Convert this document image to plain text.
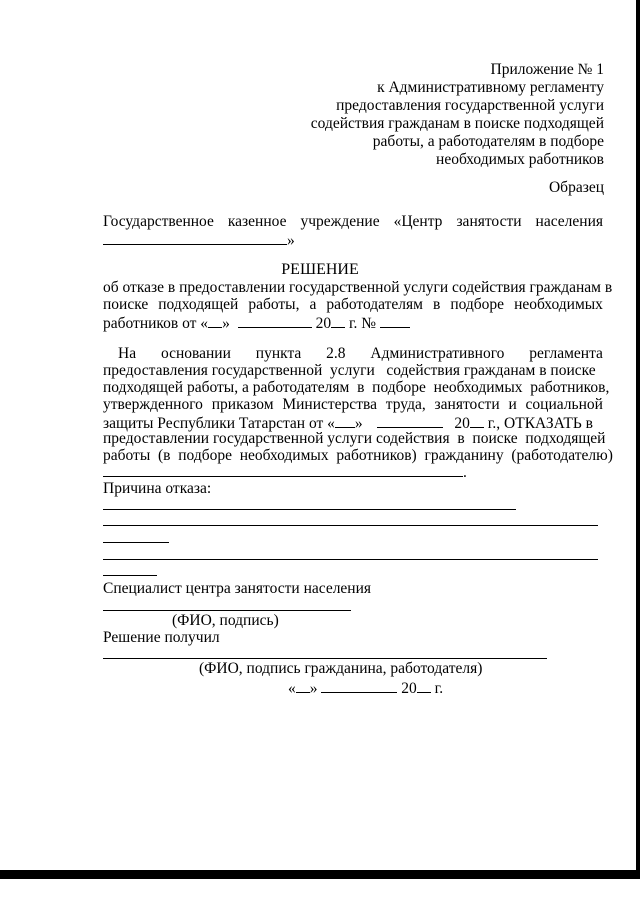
Приложение № 1
к Административному регламенту
предоставления государственной услуги
содействия гражданам в поиске подходящей
работы, а работодателям в подборе
необходимых работников
Образец
Государственное казенное учреждение «Центр занятости населения
»
РЕШЕНИЕ
об отказе в предоставлении государственной услуги содействия гражданам в
поиске подходящей работы, а работодателям в подборе необходимых
работников от « »	20 г. №
На основании пункта 2.8 Административного регламента
предоставления государственной  услуги   содействия гражданам в поиске
подходящей работы, а работодателям  в  подборе  необходимых  работников,
утвержденного приказом Министерства труда, занятости и социальной
защиты Республики Татарстан от « »	20 г., ОТКАЗАТЬ в
предоставлении государственной услуги содействия  в  поиске  подходящей
работы  (в  подборе  необходимых  работников)  гражданину  (работодателю)
.
Причина отказа:
Специалист центра занятости населения
(ФИО, подпись)
Решение получил
(ФИО, подпись гражданина, работодателя)
« »	20 г.
